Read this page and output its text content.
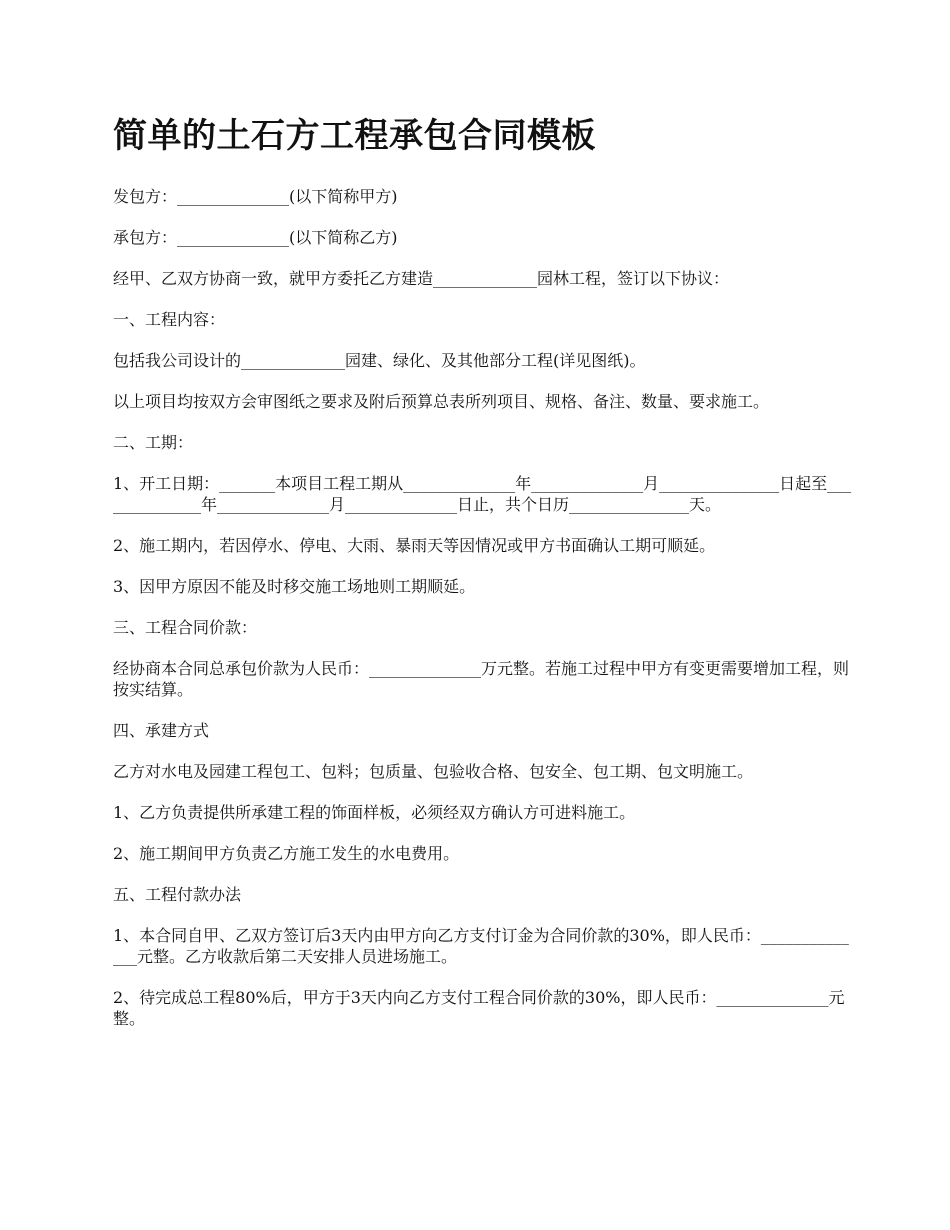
简单的土石方工程承包合同模板

发包方：______________(以下简称甲方)

承包方：______________(以下简称乙方)

经甲、乙双方协商一致，就甲方委托乙方建造_____________园林工程，签订以下协议：

一、工程内容：

包括我公司设计的_____________园建、绿化、及其他部分工程(详见图纸)。

以上项目均按双方会审图纸之要求及附后预算总表所列项目、规格、备注、数量、要求施工。

二、工期：

1、开工日期：_______本项目工程工期从______________年______________月_______________日起至______________年______________月______________日止，共个日历_______________天。

2、施工期内，若因停水、停电、大雨、暴雨天等因情况或甲方书面确认工期可顺延。

3、因甲方原因不能及时移交施工场地则工期顺延。

三、工程合同价款：

经协商本合同总承包价款为人民币：______________万元整。若施工过程中甲方有变更需要增加工程，则按实结算。

四、承建方式

乙方对水电及园建工程包工、包料；包质量、包验收合格、包安全、包工期、包文明施工。

1、乙方负责提供所承建工程的饰面样板，必须经双方确认方可进料施工。

2、施工期间甲方负责乙方施工发生的水电费用。

五、工程付款办法

1、本合同自甲、乙双方签订后3天内由甲方向乙方支付订金为合同价款的30%，即人民币：______________元整。乙方收款后第二天安排人员进场施工。

2、待完成总工程80%后，甲方于3天内向乙方支付工程合同价款的30%，即人民币：______________元整。
